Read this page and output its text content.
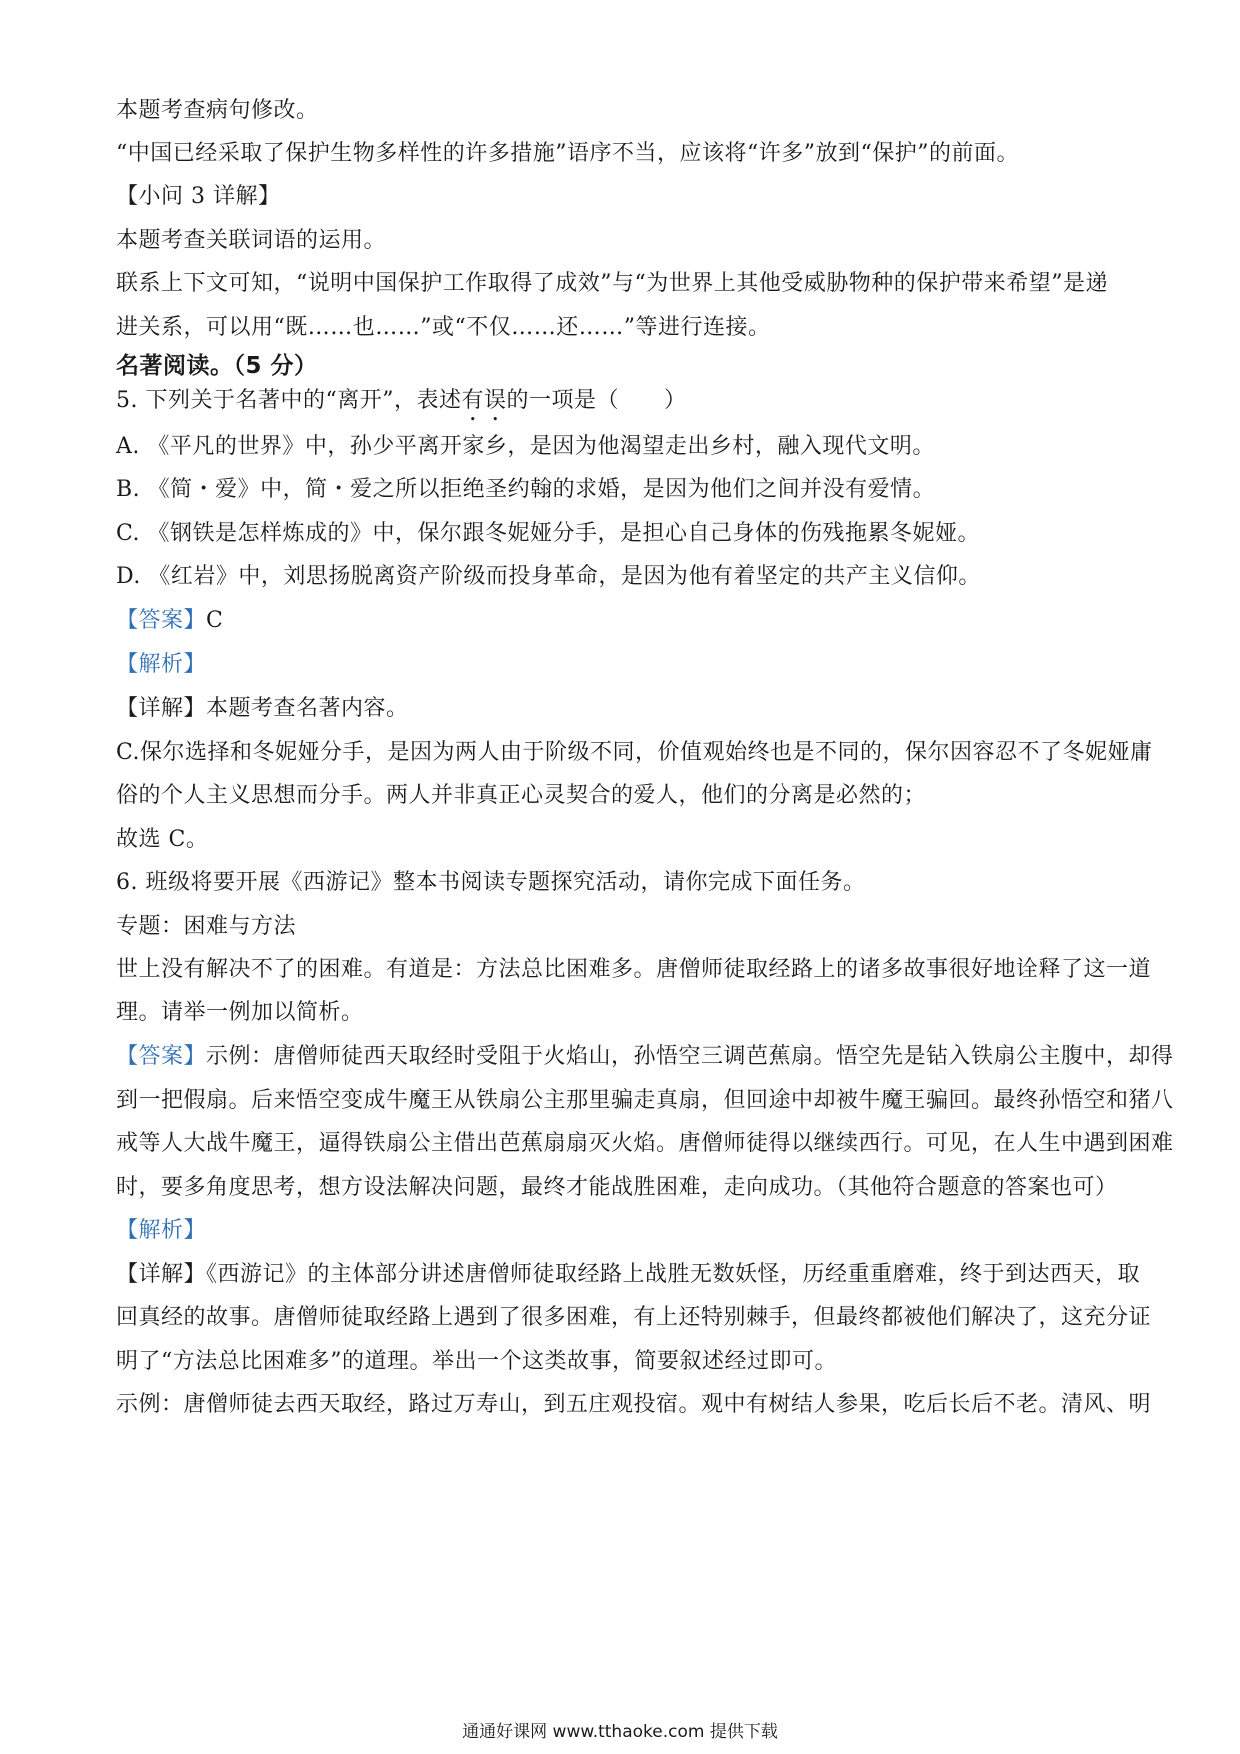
本题考查病句修改。
“中国已经采取了保护生物多样性的许多措施”语序不当，应该将“许多”放到“保护”的前面。
【小问 3 详解】
本题考查关联词语的运用。
联系上下文可知，“说明中国保护工作取得了成效”与“为世界上其他受威胁物种的保护带来希望”是递
进关系，可以用“既……也……”或“不仅……还……”等进行连接。
名著阅读。（5 分）
5. 下列关于名著中的“离开”，表述有误的一项是（　　）
A. 《平凡的世界》中，孙少平离开家乡，是因为他渴望走出乡村，融入现代文明。
B. 《简・爱》中，简・爱之所以拒绝圣约翰的求婚，是因为他们之间并没有爱情。
C. 《钢铁是怎样炼成的》中，保尔跟冬妮娅分手，是担心自己身体的伤残拖累冬妮娅。
D. 《红岩》中，刘思扬脱离资产阶级而投身革命，是因为他有着坚定的共产主义信仰。
【答案】C
【解析】
【详解】本题考查名著内容。
C.保尔选择和冬妮娅分手，是因为两人由于阶级不同，价值观始终也是不同的，保尔因容忍不了冬妮娅庸
俗的个人主义思想而分手。两人并非真正心灵契合的爱人，他们的分离是必然的；
故选 C。
6. 班级将要开展《西游记》整本书阅读专题探究活动，请你完成下面任务。
专题：困难与方法
世上没有解决不了的困难。有道是：方法总比困难多。唐僧师徒取经路上的诸多故事很好地诠释了这一道
理。请举一例加以简析。
【答案】示例：唐僧师徒西天取经时受阻于火焰山，孙悟空三调芭蕉扇。悟空先是钻入铁扇公主腹中，却得
到一把假扇。后来悟空变成牛魔王从铁扇公主那里骗走真扇，但回途中却被牛魔王骗回。最终孙悟空和猪八
戒等人大战牛魔王，逼得铁扇公主借出芭蕉扇扇灭火焰。唐僧师徒得以继续西行。可见，在人生中遇到困难
时，要多角度思考，想方设法解决问题，最终才能战胜困难，走向成功。（其他符合题意的答案也可）
【解析】
【详解】《西游记》的主体部分讲述唐僧师徒取经路上战胜无数妖怪，历经重重磨难，终于到达西天，取
回真经的故事。唐僧师徒取经路上遇到了很多困难，有上还特别棘手，但最终都被他们解决了，这充分证
明了“方法总比困难多”的道理。举出一个这类故事，简要叙述经过即可。
示例：唐僧师徒去西天取经，路过万寿山，到五庄观投宿。观中有树结人参果，吃后长后不老。清风、明
通通好课网 www.tthaoke.com 提供下载
